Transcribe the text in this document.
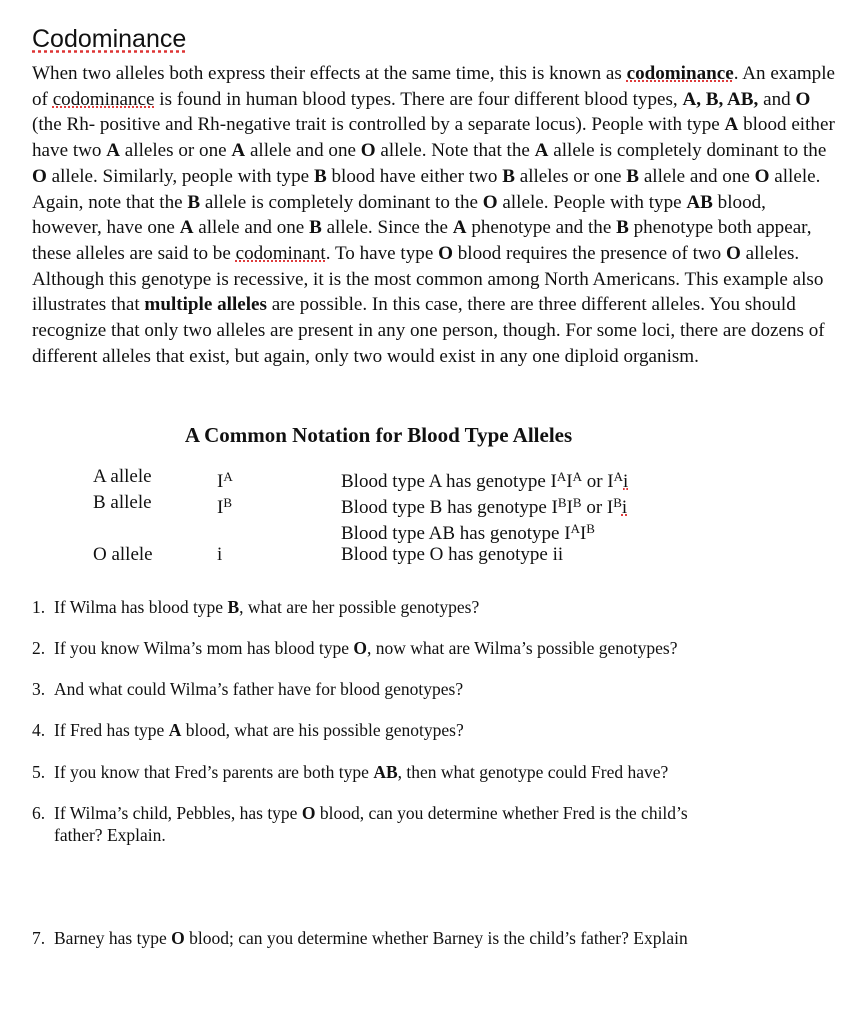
Codominance

When two alleles both express their effects at the same time, this is known as codominance. An example of codominance is found in human blood types. There are four different blood types, A, B, AB, and O (the Rh- positive and Rh-negative trait is controlled by a separate locus). People with type A blood either have two A alleles or one A allele and one O allele. Note that the A allele is completely dominant to the O allele. Similarly, people with type B blood have either two B alleles or one B allele and one O allele. Again, note that the B allele is completely dominant to the O allele. People with type AB blood, however, have one A allele and one B allele. Since the A phenotype and the B phenotype both appear, these alleles are said to be codominant. To have type O blood requires the presence of two O alleles. Although this genotype is recessive, it is the most common among North Americans. This example also illustrates that multiple alleles are possible. In this case, there are three different alleles. You should recognize that only two alleles are present in any one person, though. For some loci, there are dozens of different alleles that exist, but again, only two would exist in any one diploid organism.

A Common Notation for Blood Type Alleles
A allele
B allele
O allele
$I^A$
$I^B$
i
Blood type A has genotype $I^AI^A$ or $I^Ai$
Blood type B has genotype $I^BI^B$ or $I^Bi$
Blood type AB has genotype $I^AI^B$
Blood type O has genotype ii
1. If Wilma has blood type B, what are her possible genotypes?
2. If you know Wilma’s mom has blood type O, now what are Wilma’s possible genotypes?
3. And what could Wilma’s father have for blood genotypes?
4. If Fred has type A blood, what are his possible genotypes?
5. If you know that Fred’s parents are both type AB, then what genotype could Fred have?
6. If Wilma’s child, Pebbles, has type O blood, can you determine whether Fred is the child’s
father? Explain.
7. Barney has type O blood; can you determine whether Barney is the child’s father? Explain
